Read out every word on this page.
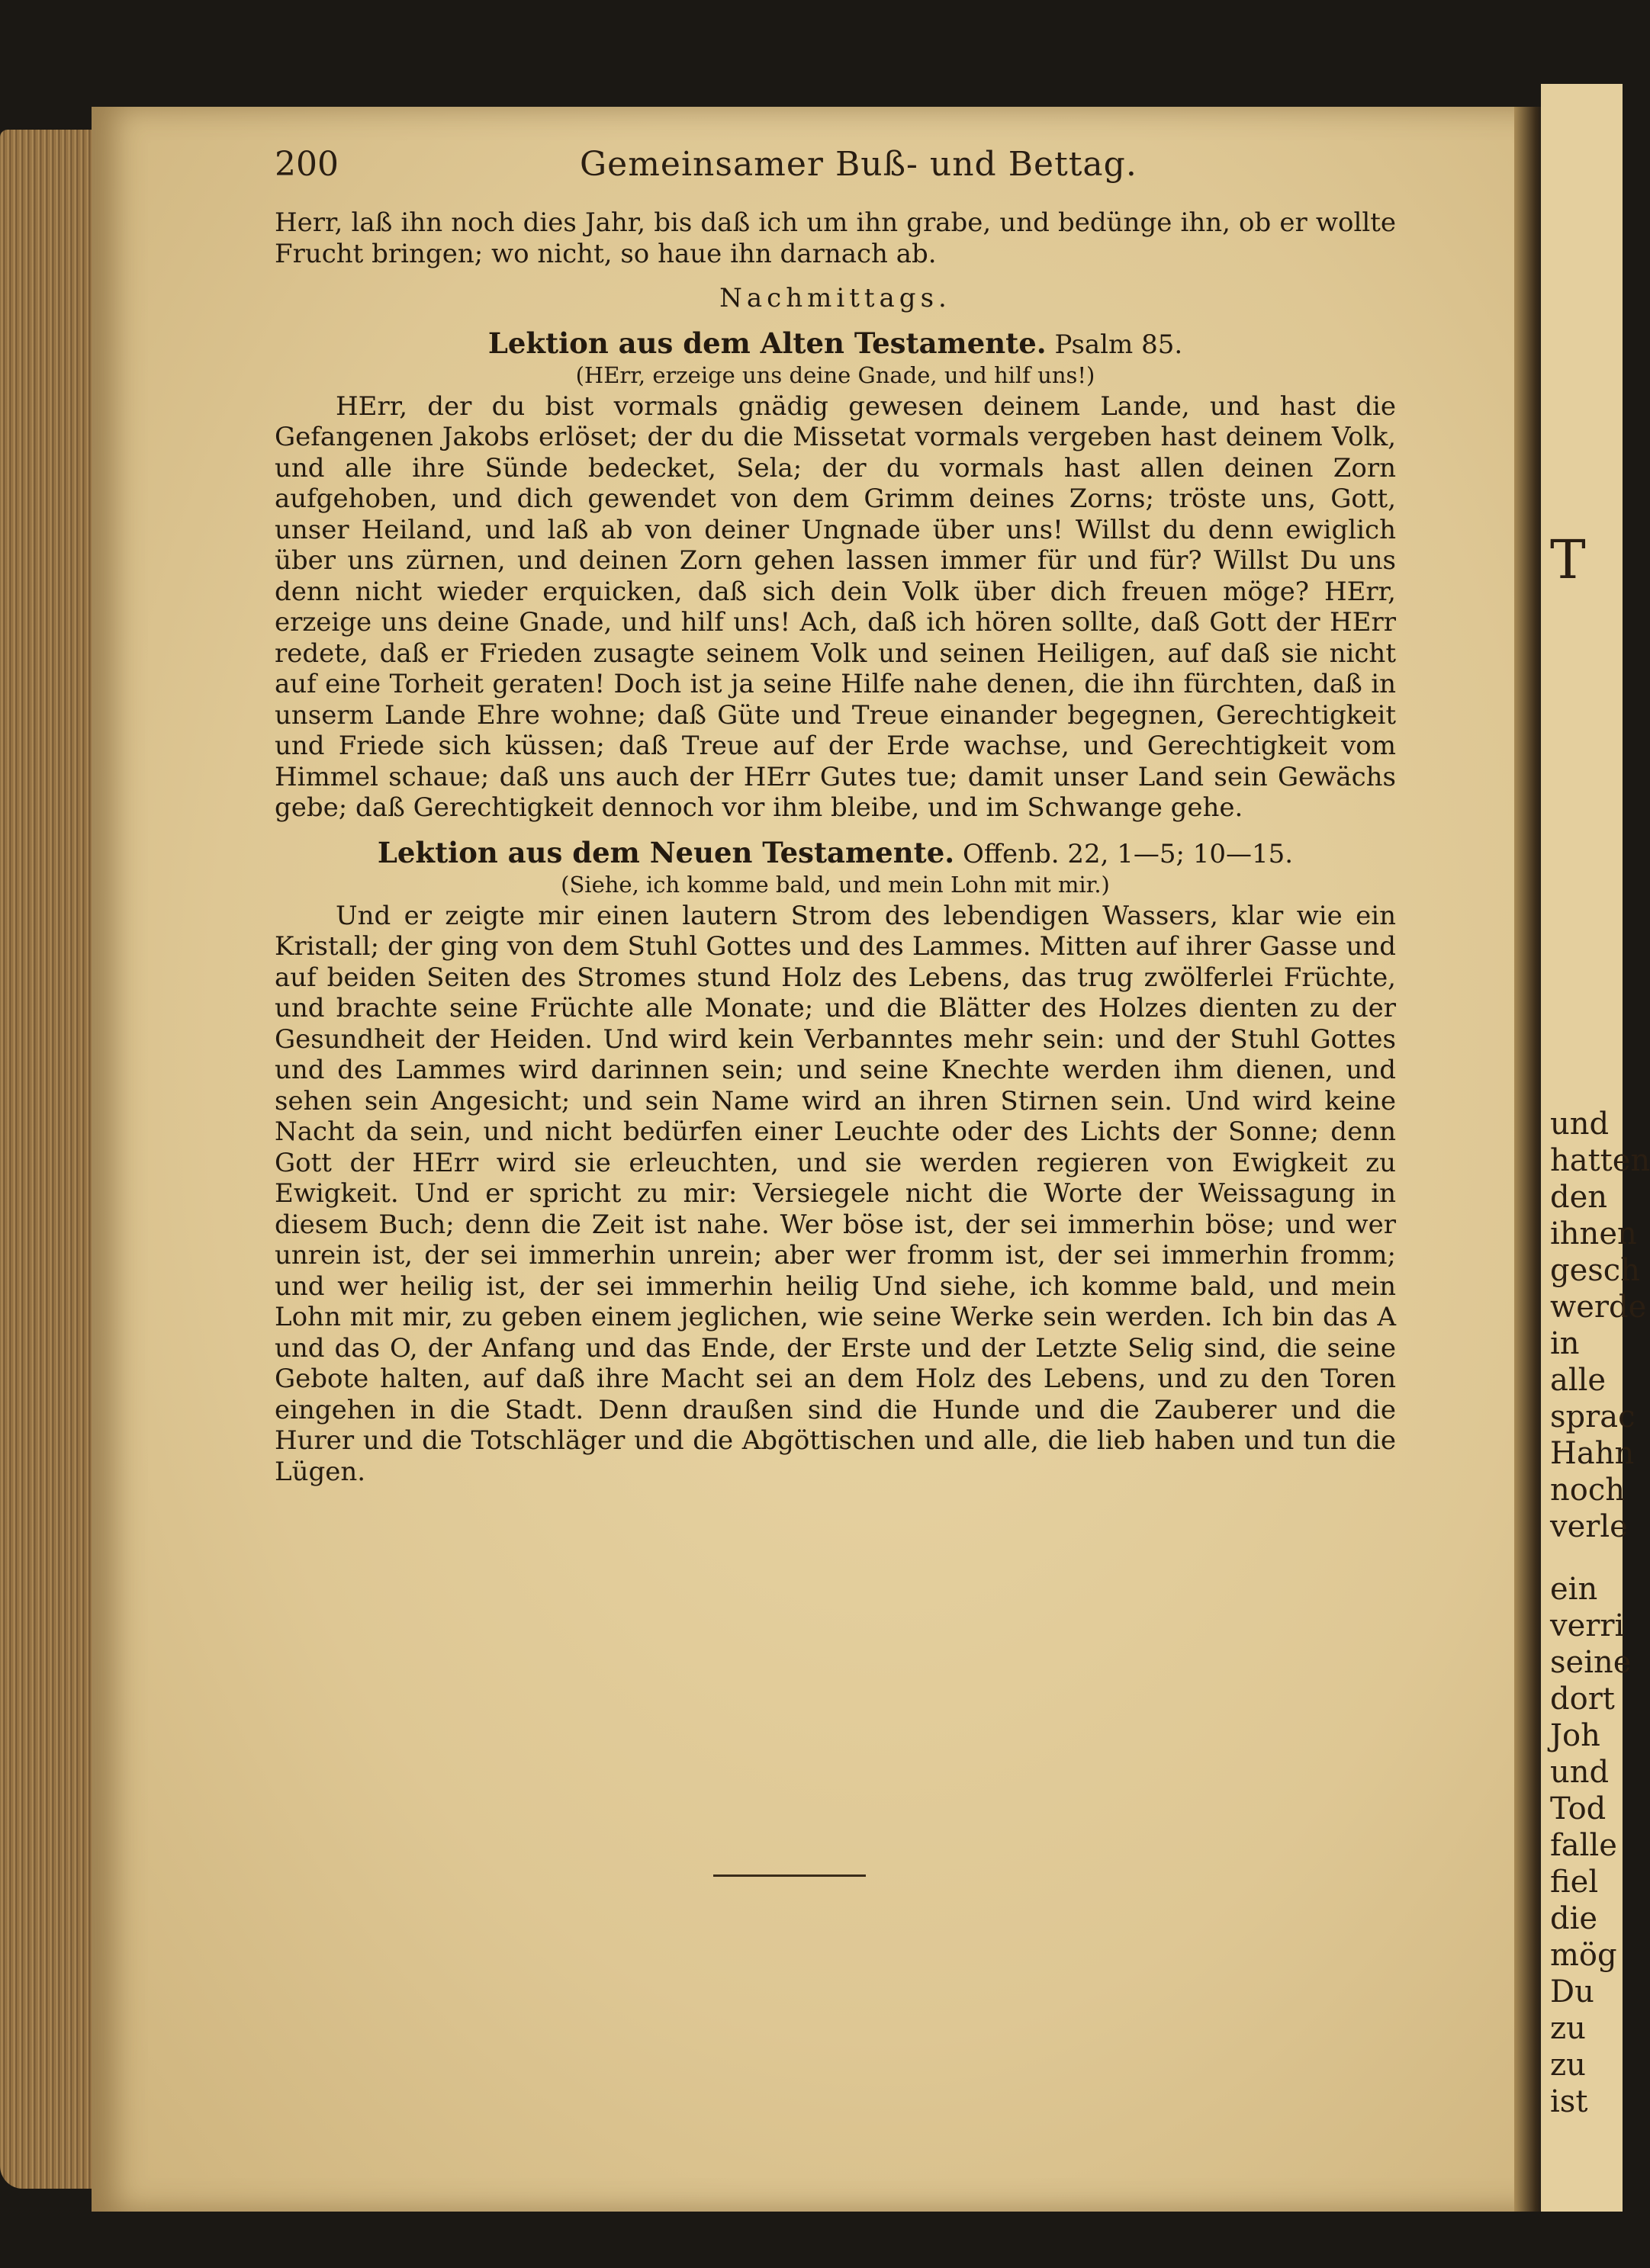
T
und
hatten
den
ihnen
gesch
werde
in
alle
sprac
Hahn
noch
verle
ein
verri
seine
dort
Joh
und
Tod
falle
fiel
die
mög
Du
zu
zu
ist
200	Gemeinsamer Buß- und Bettag.

Herr, laß ihn noch dies Jahr, bis daß ich um ihn grabe, und bedünge ihn, ob er wollte Frucht bringen; wo nicht, so haue ihn darnach ab.

Nachmittags.

Lektion aus dem Alten Testamente. Psalm 85.

(HErr, erzeige uns deine Gnade, und hilf uns!)

HErr, der du bist vormals gnädig gewesen deinem Lande, und hast die Gefangenen Jakobs erlöset; der du die Missetat vormals vergeben hast deinem Volk, und alle ihre Sünde bedecket, Sela; der du vormals hast allen deinen Zorn aufgehoben, und dich gewendet von dem Grimm deines Zorns; tröste uns, Gott, unser Heiland, und laß ab von deiner Ungnade über uns! Willst du denn ewiglich über uns zürnen, und deinen Zorn gehen lassen immer für und für? Willst Du uns denn nicht wieder erquicken, daß sich dein Volk über dich freuen möge? HErr, erzeige uns deine Gnade, und hilf uns! Ach, daß ich hören sollte, daß Gott der HErr redete, daß er Frieden zusagte seinem Volk und seinen Heiligen, auf daß sie nicht auf eine Torheit geraten! Doch ist ja seine Hilfe nahe denen, die ihn fürchten, daß in unserm Lande Ehre wohne; daß Güte und Treue einander begegnen, Gerechtigkeit und Friede sich küssen; daß Treue auf der Erde wachse, und Gerechtigkeit vom Himmel schaue; daß uns auch der HErr Gutes tue; damit unser Land sein Gewächs gebe; daß Gerechtigkeit dennoch vor ihm bleibe, und im Schwange gehe.

Lektion aus dem Neuen Testamente. Offenb. 22, 1—5; 10—15.

(Siehe, ich komme bald, und mein Lohn mit mir.)

Und er zeigte mir einen lautern Strom des lebendigen Wassers, klar wie ein Kristall; der ging von dem Stuhl Gottes und des Lammes. Mitten auf ihrer Gasse und auf beiden Seiten des Stromes stund Holz des Lebens, das trug zwölferlei Früchte, und brachte seine Früchte alle Monate; und die Blätter des Holzes dienten zu der Gesundheit der Heiden. Und wird kein Verbanntes mehr sein: und der Stuhl Gottes und des Lammes wird darinnen sein; und seine Knechte werden ihm dienen, und sehen sein Angesicht; und sein Name wird an ihren Stirnen sein. Und wird keine Nacht da sein, und nicht bedürfen einer Leuchte oder des Lichts der Sonne; denn Gott der HErr wird sie erleuchten, und sie werden regieren von Ewigkeit zu Ewigkeit. Und er spricht zu mir: Versiegele nicht die Worte der Weissagung in diesem Buch; denn die Zeit ist nahe. Wer böse ist, der sei immerhin böse; und wer unrein ist, der sei immerhin unrein; aber wer fromm ist, der sei immerhin fromm; und wer heilig ist, der sei immerhin heilig Und siehe, ich komme bald, und mein Lohn mit mir, zu geben einem jeglichen, wie seine Werke sein werden. Ich bin das A und das O, der Anfang und das Ende, der Erste und der Letzte Selig sind, die seine Gebote halten, auf daß ihre Macht sei an dem Holz des Lebens, und zu den Toren eingehen in die Stadt. Denn draußen sind die Hunde und die Zauberer und die Hurer und die Totschläger und die Abgöttischen und alle, die lieb haben und tun die Lügen.
